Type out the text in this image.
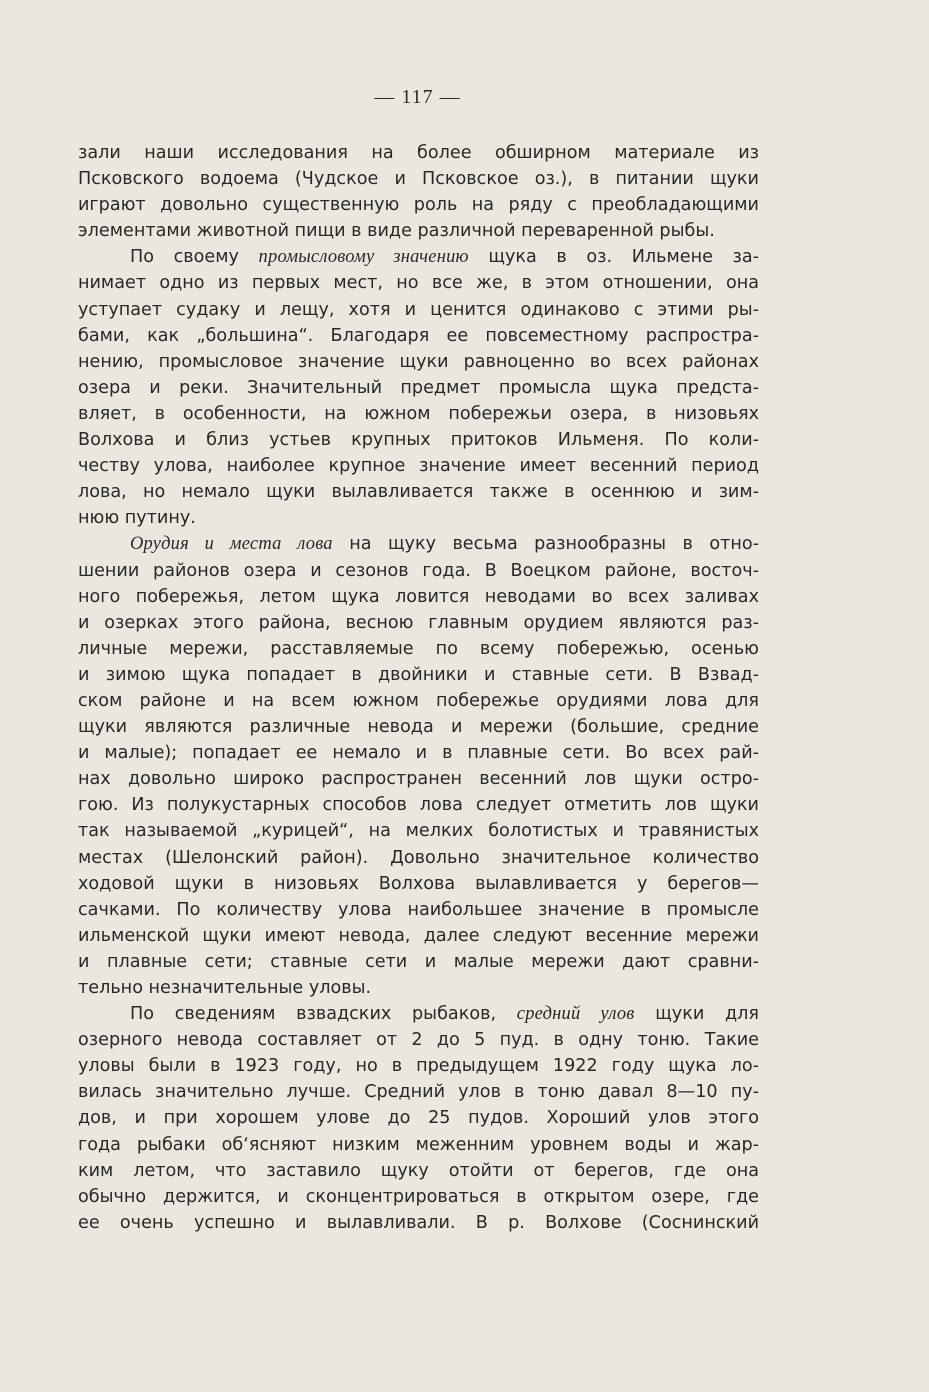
— 117 —
зали наши исследования на более обширном материале из
Псковского водоема (Чудское и Псковское оз.), в питании щуки
играют довольно существенную роль на ряду с преобладающими
элементами животной пищи в виде различной переваренной рыбы.
По своему промысловому значению щука в оз. Ильмене за-
нимает одно из первых мест, но все же, в этом отношении, она
уступает судаку и лещу, хотя и ценится одинаково с этими ры-
бами, как „большина“. Благодаря ее повсеместному распростра-
нению, промысловое значение щуки равноценно во всех районах
озера и реки. Значительный предмет промысла щука предста-
вляет, в особенности, на южном побережьи озера, в низовьях
Волхова и близ устьев крупных притоков Ильменя. По коли-
честву улова, наиболее крупное значение имеет весенний период
лова, но немало щуки вылавливается также в осеннюю и зим-
нюю путину.
Орудия и места лова на щуку весьма разнообразны в отно-
шении районов озера и сезонов года. В Воецком районе, восточ-
ного побережья, летом щука ловится неводами во всех заливах
и озерках этого района, весною главным орудием являются раз-
личные мережи, расставляемые по всему побережью, осенью
и зимою щука попадает в двойники и ставные сети. В Взвад-
ском районе и на всем южном побережье орудиями лова для
щуки являются различные невода и мережи (большие, средние
и малые); попадает ее немало и в плавные сети. Во всех рай-
нах довольно широко распространен весенний лов щуки остро-
гою. Из полукустарных способов лова следует отметить лов щуки
так называемой „курицей“, на мелких болотистых и травянистых
местах (Шелонский район). Довольно значительное количество
ходовой щуки в низовьях Волхова вылавливается у берегов—
сачками. По количеству улова наибольшее значение в промысле
ильменской щуки имеют невода, далее следуют весенние мережи
и плавные сети; ставные сети и малые мережи дают сравни-
тельно незначительные уловы.
По сведениям взвадских рыбаков, средний улов щуки для
озерного невода составляет от 2 до 5 пуд. в одну тоню. Такие
уловы были в 1923 году, но в предыдущем 1922 году щука ло-
вилась значительно лучше. Средний улов в тоню давал 8—10 пу-
дов, и при хорошем улове до 25 пудов. Хороший улов этого
года рыбаки об‘ясняют низким меженним уровнем воды и жар-
ким летом, что заставило щуку отойти от берегов, где она
обычно держится, и сконцентрироваться в открытом озере, где
ее очень успешно и вылавливали. В р. Волхове (Соснинский
